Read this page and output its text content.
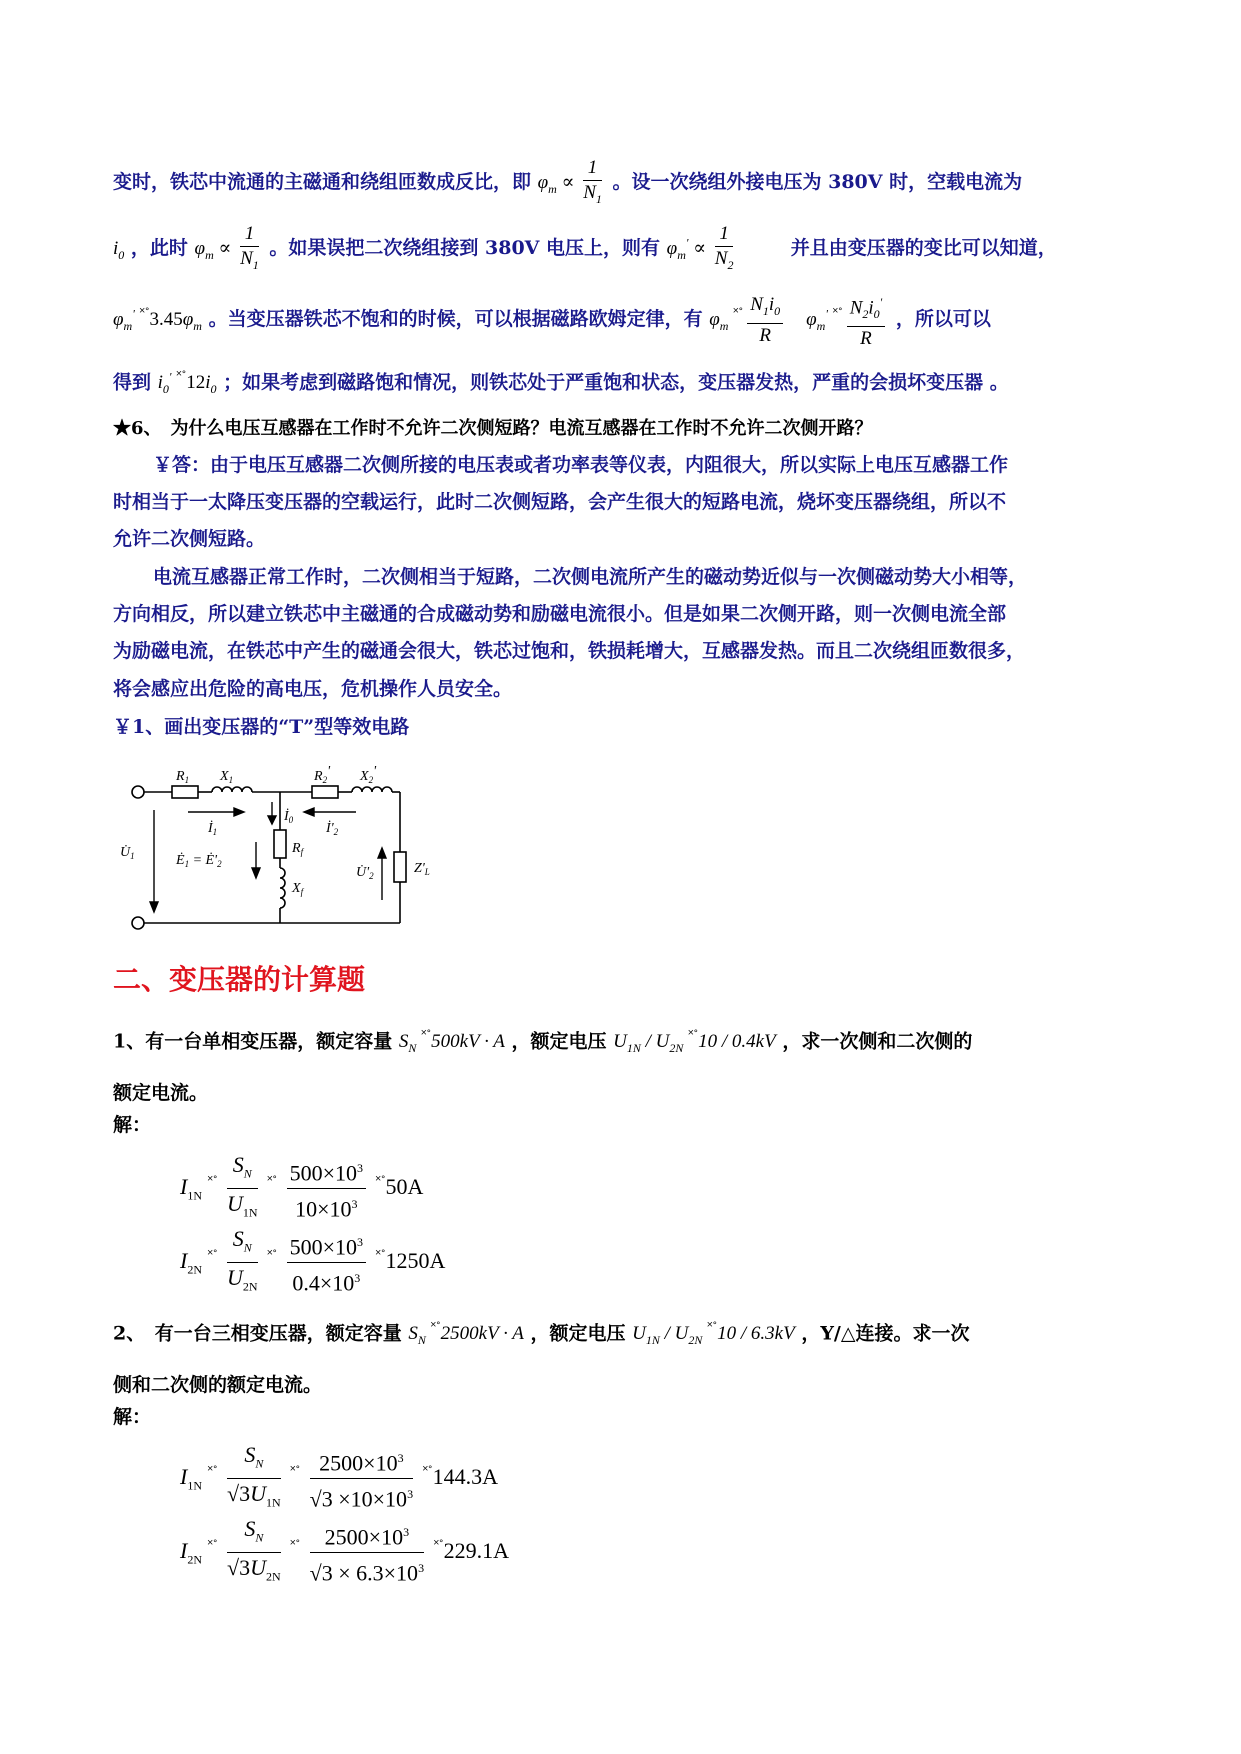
变时，铁芯中流通的主磁通和绕组匝数成反比，即 $\varphi_m \propto \frac{1}{N_1}$ 。设一次绕组外接电压为 380V 时，空载电流为
$i_0$ ，此时 $\varphi_m \propto \frac{1}{N_1}$ 。如果误把二次绕组接到 380V 电压上，则有 $\varphi_m' \propto \frac{1}{N_2}$	并且由变压器的变比可以知道，
$\varphi_m'$ $^{˟˚}3.45\varphi_m$ 。当变压器铁芯不饱和的时候，可以根据磁路欧姆定律，有 $\varphi_m$ $^{˟˚} \frac{N_1i_0}{R}$ 　$\varphi_m'$ $^{˟˚} \frac{N_2i_0'}{R}$ ，所以可以
得到 $i_0'$ $^{˟˚}12i_0$ ；如果考虑到磁路饱和情况，则铁芯处于严重饱和状态，变压器发热，严重的会损坏变压器 。
★6、　为什么电压互感器在工作时不允许二次侧短路？电流互感器在工作时不允许二次侧开路？
￥答：由于电压互感器二次侧所接的电压表或者功率表等仪表，内阻很大，所以实际上电压互感器工作
时相当于一太降压变压器的空载运行，此时二次侧短路，会产生很大的短路电流，烧坏变压器绕组，所以不
允许二次侧短路。
电流互感器正常工作时，二次侧相当于短路，二次侧电流所产生的磁动势近似与一次侧磁动势大小相等，
方向相反，所以建立铁芯中主磁通的合成磁动势和励磁电流很小。但是如果二次侧开路，则一次侧电流全部
为励磁电流，在铁芯中产生的磁通会很大，铁芯过饱和，铁损耗增大，互感器发热。而且二次绕组匝数很多，
将会感应出危险的高电压，危机操作人员安全。
￥1、画出变压器的“T”型等效电路
$R_1$ $X_1$	$R_2'$ $X_2'$
$İ_1$
$İ_0$
$İ'_2$
$U̇_1$	$Ė_1$ = $Ė'_2$
$R_f$
$X_f$
$U̇'_2$	$Z'_L$
二、变压器的计算题
1、有一台单相变压器，额定容量 $S_N$ ˟˚500kV · A ，额定电压 $U_{1N} / U_{2N}$ ˟˚10 / 0.4kV ，求一次侧和二次侧的
额定电流。
解：
$I_{1N}$ $^{˟˚} \frac{S_N}{U_{1N}} ^{˟˚} \frac{500\times 10^3}{10\times 10^3} ^{˟˚}50A$
$I_{2N}$ $^{˟˚} \frac{S_N}{U_{2N}} ^{˟˚} \frac{500\times 10^3}{0.4\times 10^3} ^{˟˚}1250A$
2、　有一台三相变压器，额定容量 $S_N$ ˟˚2500kV · A ，额定电压 $U_{1N} / U_{2N}$ ˟˚10 / 6.3kV ，Y/△连接。求一次
侧和二次侧的额定电流。
解：
$I_{1N}$ $^{˟˚} \frac{S_N}{√3U_{1N}} ^{˟˚} \frac{2500\times 10^3}{√3 \times 10\times 10^3} ^{˟˚}144.3A$
$I_{2N}$ $^{˟˚} \frac{S_N}{√3U_{2N}} ^{˟˚} \frac{2500\times 10^3}{√3 \times 6.3\times 10^3} ^{˟˚}229.1A$
